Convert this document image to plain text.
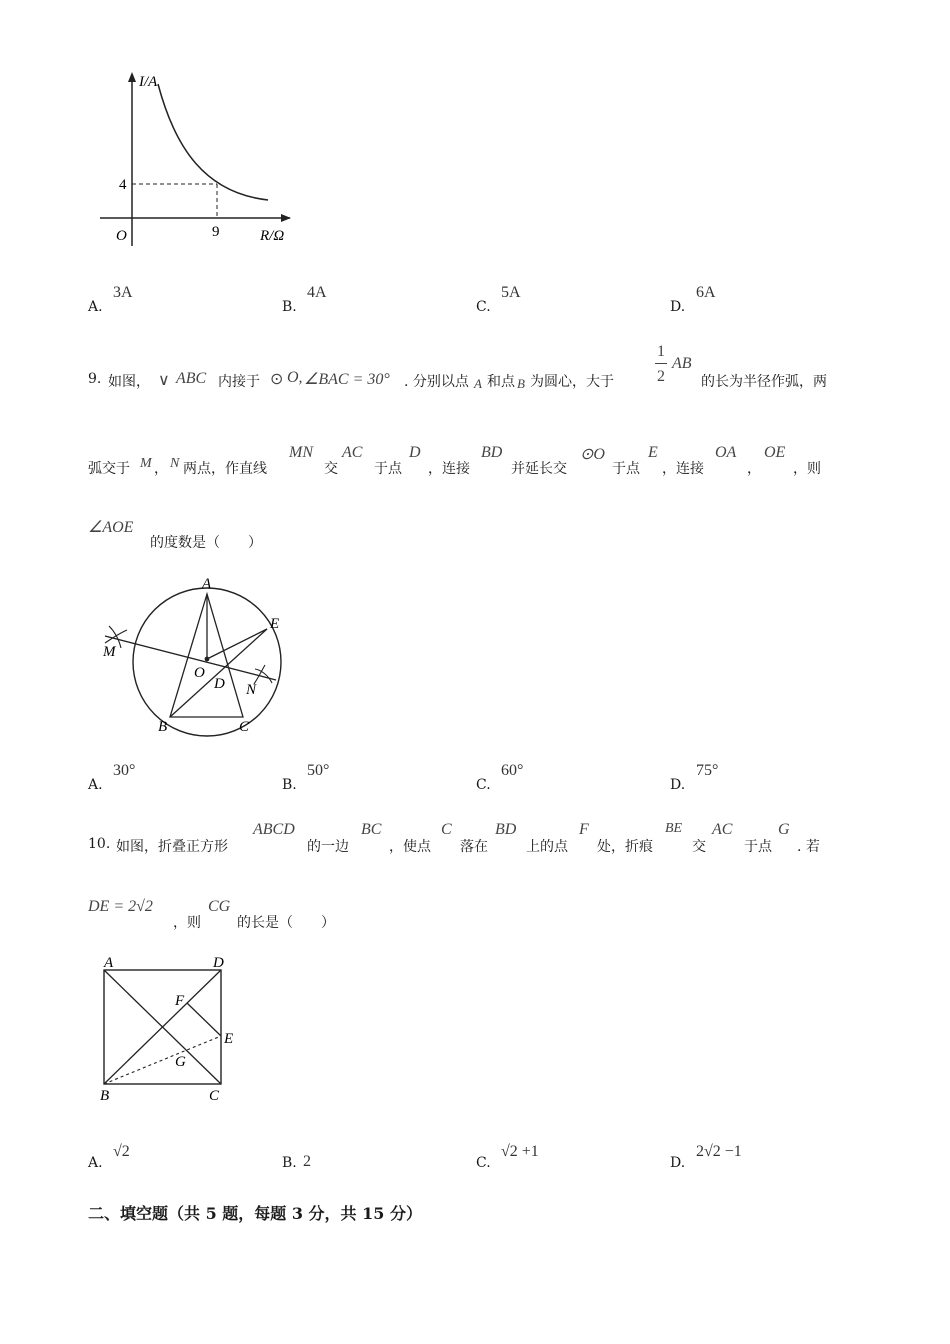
I/A
R/Ω
O
4
9
A.
3A
B.
4A
C.
5A
D.
6A
9. 如图， ∨ ABC 内接于 ⊙ O, ∠BAC = 30° . 分别以点 A 和点 B 为圆心，大于
1
2
AB
的长为半径作弧，两
弧交于 M ， N 两点，作直线
MN
交
AC
于点
D
，连接
BD
并延长交
⊙O
于点
E
，连接
OA
，
OE
，则
∠AOE
的度数是（　　）
A
E
M
O
D N
B	C
A.
30°
B.
50°
C.
60°
D.
75°
10. 如图，折叠正方形
ABCD
的一边
BC
，使点
C
落在
BD
上的点
F
处，折痕
BE
交
AC
于点
G
. 若
DE = 2√2
，则
CG
的长是（　　）
A	D
F
E
G
B	C
A.
√2
B. 2	C.
√2 +1
D.
2√2 −1
二、填空题（共 5 题，每题 3 分，共 15 分）
